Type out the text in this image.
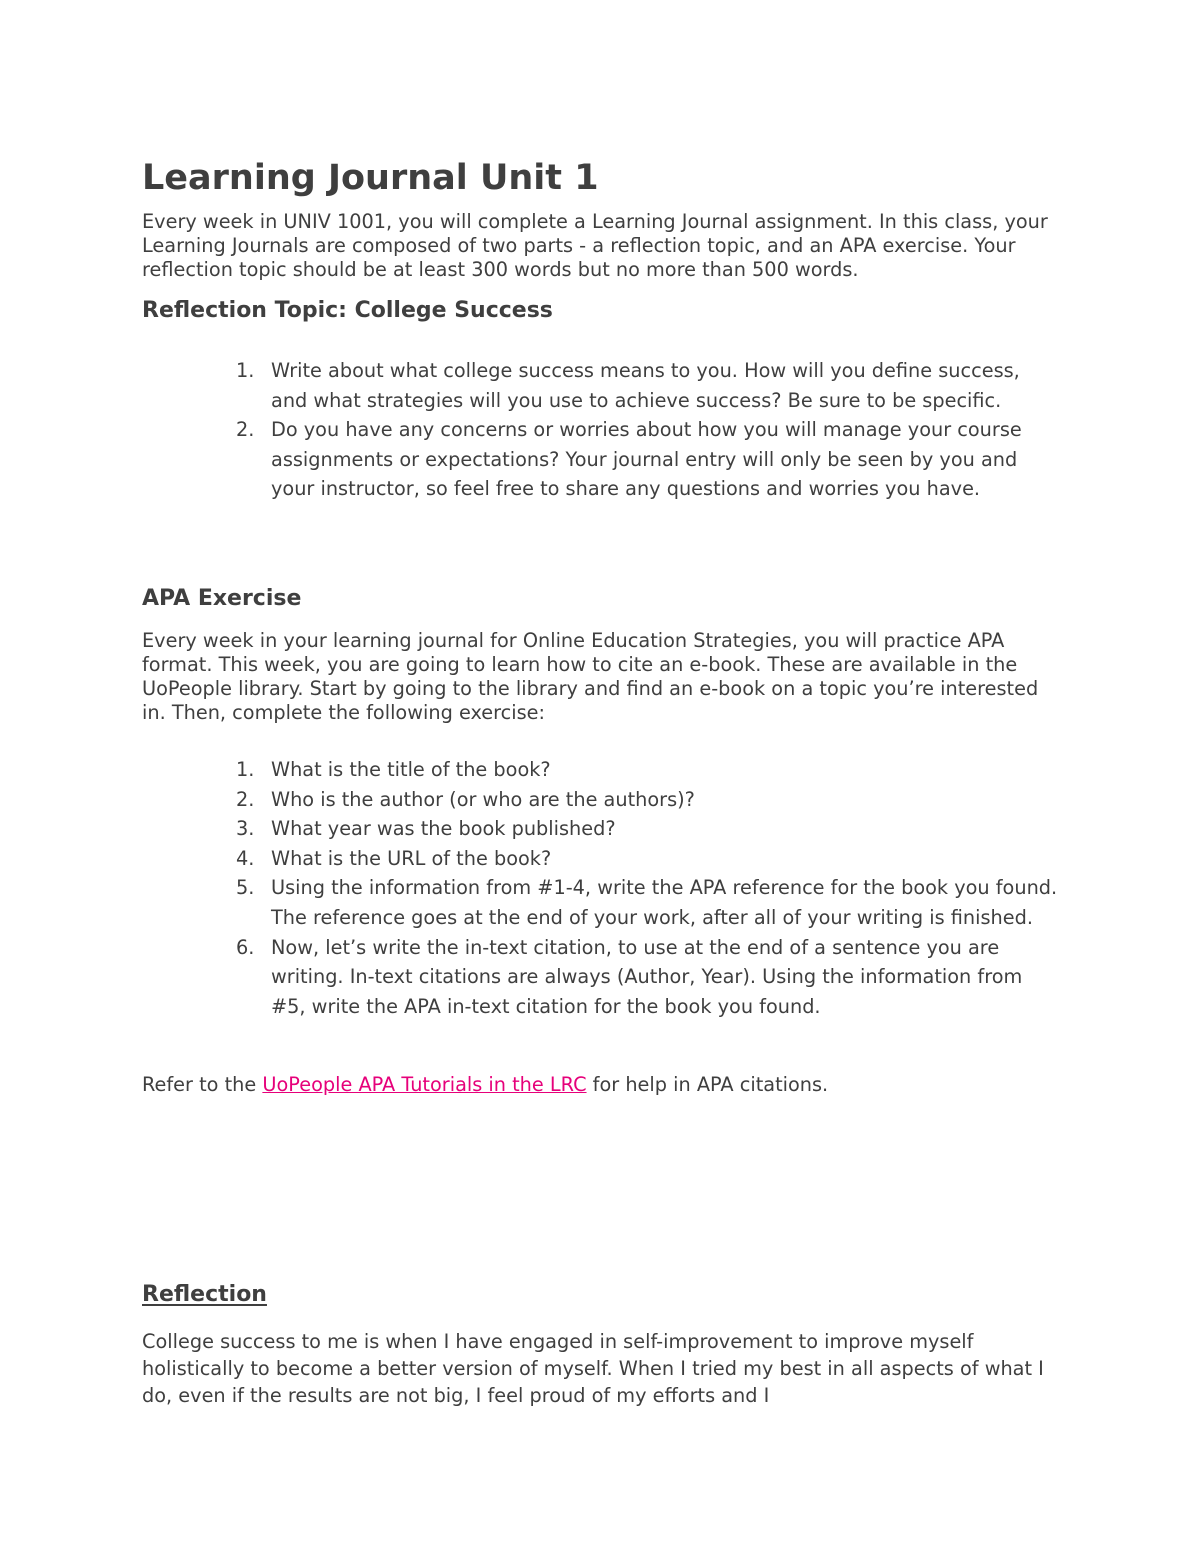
Learning Journal Unit 1

Every week in UNIV 1001, you will complete a Learning Journal assignment. In this class, your Learning Journals are composed of two parts - a reflection topic, and an APA exercise. Your reflection topic should be at least 300 words but no more than 500 words.

Reflection Topic: College Success
1. Write about what college success means to you. How will you define success, and what strategies will you use to achieve success? Be sure to be specific.
2. Do you have any concerns or worries about how you will manage your course assignments or expectations? Your journal entry will only be seen by you and your instructor, so feel free to share any questions and worries you have.
APA Exercise

Every week in your learning journal for Online Education Strategies, you will practice APA format. This week, you are going to learn how to cite an e-book. These are available in the UoPeople library. Start by going to the library and find an e-book on a topic you’re interested in. Then, complete the following exercise:

1. What is the title of the book?
2. Who is the author (or who are the authors)?
3. What year was the book published?
4. What is the URL of the book?
5. Using the information from #1-4, write the APA reference for the book you found. The reference goes at the end of your work, after all of your writing is finished.
6. Now, let’s write the in-text citation, to use at the end of a sentence you are writing. In-text citations are always (Author, Year). Using the information from #5, write the APA in-text citation for the book you found.

Refer to the UoPeople APA Tutorials in the LRC for help in APA citations.

Reflection

College success to me is when I have engaged in self-improvement to improve myself holistically to become a better version of myself. When I tried my best in all aspects of what I do, even if the results are not big, I feel proud of my efforts and I
